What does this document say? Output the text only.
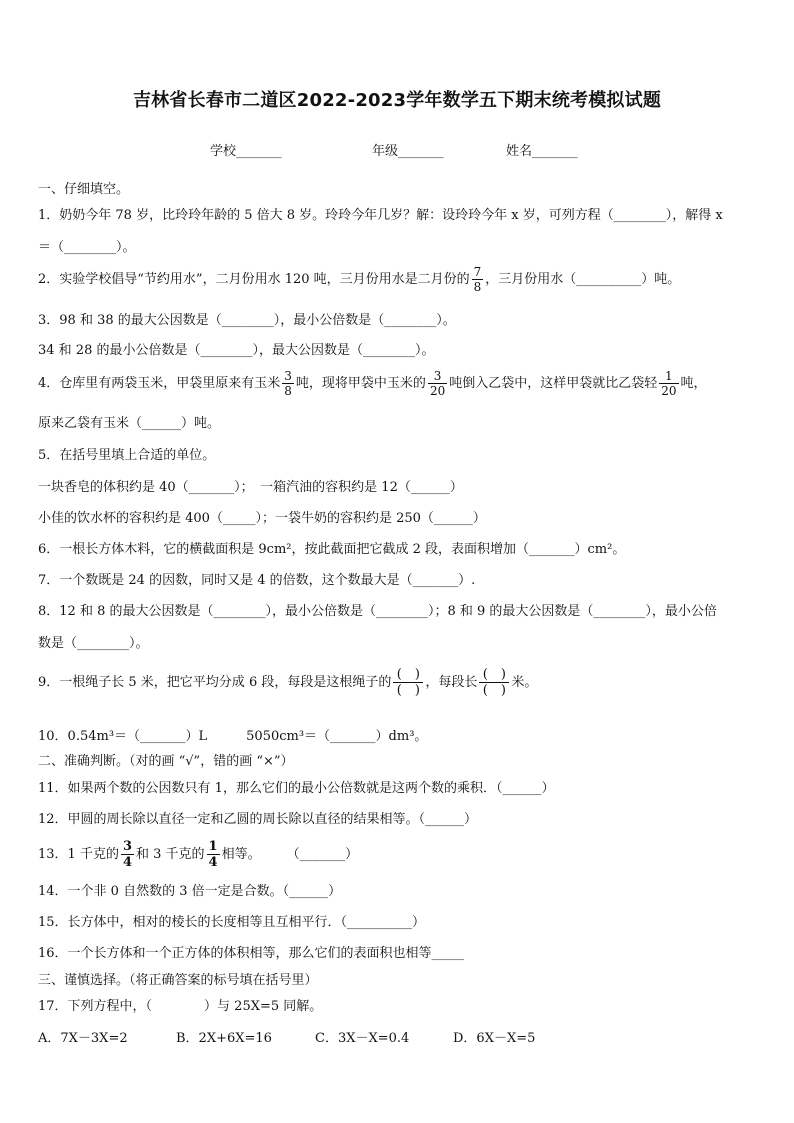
吉林省长春市二道区2022-2023学年数学五下期末统考模拟试题
学校_______	年级_______	姓名_______
一、仔细填空。
1．奶奶今年 78 岁，比玲玲年龄的 5 倍大 8 岁。玲玲今年几岁？解：设玲玲今年 x 岁，可列方程（________），解得 x
＝（________）。
2．实验学校倡导“节约用水”，二月份用水 120 吨，三月份用水是二月份的 $\frac{7}{8}$ ，三月份用水（__________）吨。
3．98 和 38 的最大公因数是（________），最小公倍数是（________）。
34 和 28 的最小公倍数是（________），最大公因数是（________）。
4．仓库里有两袋玉米，甲袋里原来有玉米 $\frac{3}{8}$ 吨，现将甲袋中玉米的 $\frac{3}{20}$ 吨倒入乙袋中，这样甲袋就比乙袋轻 $\frac{1}{20}$ 吨，
原来乙袋有玉米（______）吨。
5．在括号里填上合适的单位。
一块香皂的体积约是 40（_______）；　一箱汽油的容积约是 12（______）
小佳的饮水杯的容积约是 400（_____）；一袋牛奶的容积约是 250（______）
6．一根长方体木料，它的横截面积是 9cm²，按此截面把它截成 2 段，表面积增加（_______）cm²。
7．一个数既是 24 的因数，同时又是 4 的倍数，这个数最大是（_______）.
8．12 和 8 的最大公因数是（________），最小公倍数是（________）；8 和 9 的最大公因数是（________），最小公倍
数是（________）。
9．一根绳子长 5 米，把它平均分成 6 段，每段是这根绳子的 $\frac{( )}{( )}$ ，每段长 $\frac{( )}{( )}$ 米。
10．0.54m³＝（_______）L　　　5050cm³＝（_______）dm³。
二、准确判断。（对的画 “√”，错的画 “×”）
11．如果两个数的公因数只有 1，那么它们的最小公倍数就是这两个数的乘积．（______）
12．甲圆的周长除以直径一定和乙圆的周长除以直径的结果相等。（______）
13．1 千克的 $\frac{3}{4}$ 和 3 千克的 $\frac{1}{4}$ 相等。　　　（_______）
14．一个非 0 自然数的 3 倍一定是合数。（______）
15．长方体中，相对的棱长的长度相等且互相平行．（__________）
16．一个长方体和一个正方体的体积相等，那么它们的表面积也相等_____
三、谨慎选择。（将正确答案的标号填在括号里）
17．下列方程中，（　　　　）与 25X=5 同解。
A．7X－3X=2	B．2X+6X=16	C．3X－X=0.4	D．6X－X=5
